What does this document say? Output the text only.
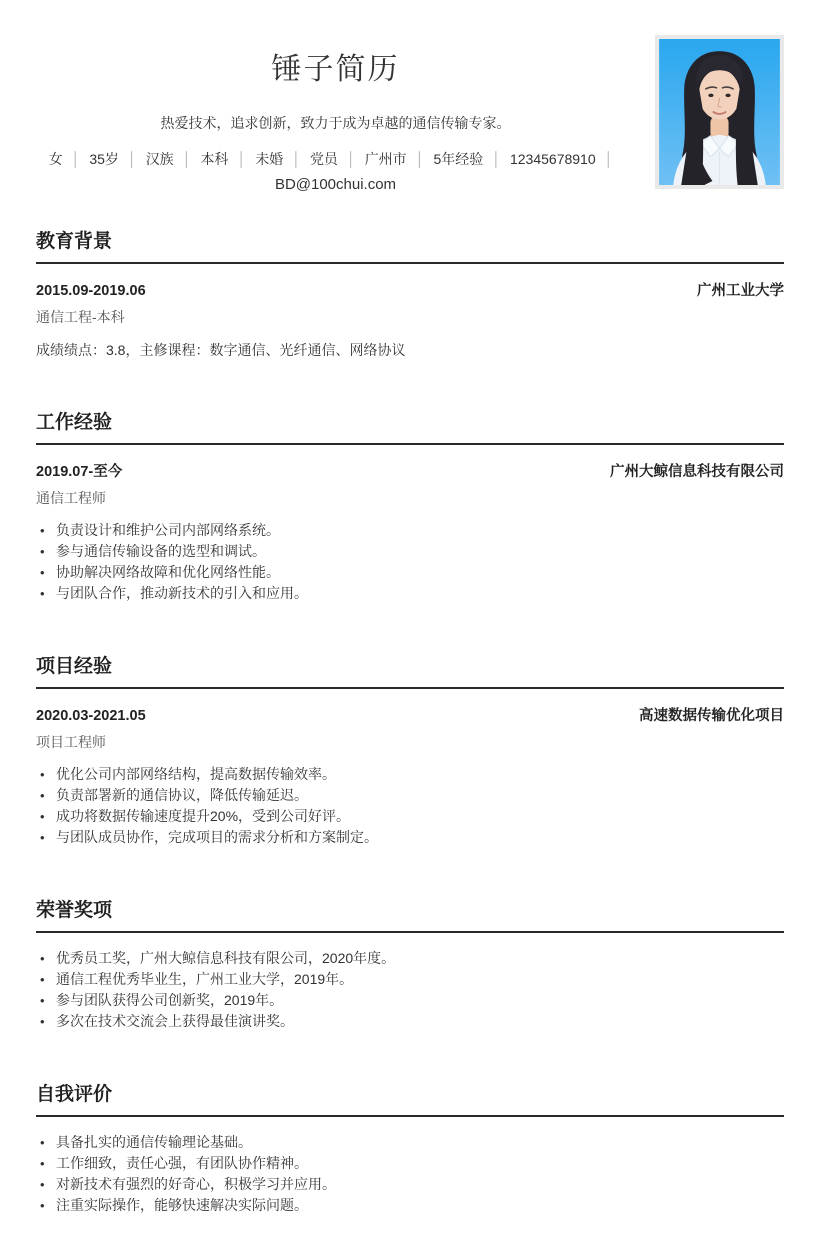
锤子简历

热爱技术，追求创新，致力于成为卓越的通信传输专家。

女 │ 35岁 │ 汉族 │ 本科 │ 未婚 │ 党员 │ 广州市 │ 5年经验 │ 12345678910 │
BD@100chui.com
教育背景
2015.09-2019.06	广州工业大学
通信工程-本科
成绩绩点：3.8，主修课程：数字通信、光纤通信、网络协议
工作经验
2019.07-至今	广州大鲸信息科技有限公司
通信工程师
• 负责设计和维护公司内部网络系统。
• 参与通信传输设备的选型和调试。
• 协助解决网络故障和优化网络性能。
• 与团队合作，推动新技术的引入和应用。
项目经验
2020.03-2021.05	高速数据传输优化项目
项目工程师
• 优化公司内部网络结构，提高数据传输效率。
• 负责部署新的通信协议，降低传输延迟。
• 成功将数据传输速度提升20%，受到公司好评。
• 与团队成员协作，完成项目的需求分析和方案制定。
荣誉奖项
• 优秀员工奖，广州大鲸信息科技有限公司，2020年度。
• 通信工程优秀毕业生，广州工业大学，2019年。
• 参与团队获得公司创新奖，2019年。
• 多次在技术交流会上获得最佳演讲奖。
自我评价
• 具备扎实的通信传输理论基础。
• 工作细致，责任心强，有团队协作精神。
• 对新技术有强烈的好奇心，积极学习并应用。
• 注重实际操作，能够快速解决实际问题。
